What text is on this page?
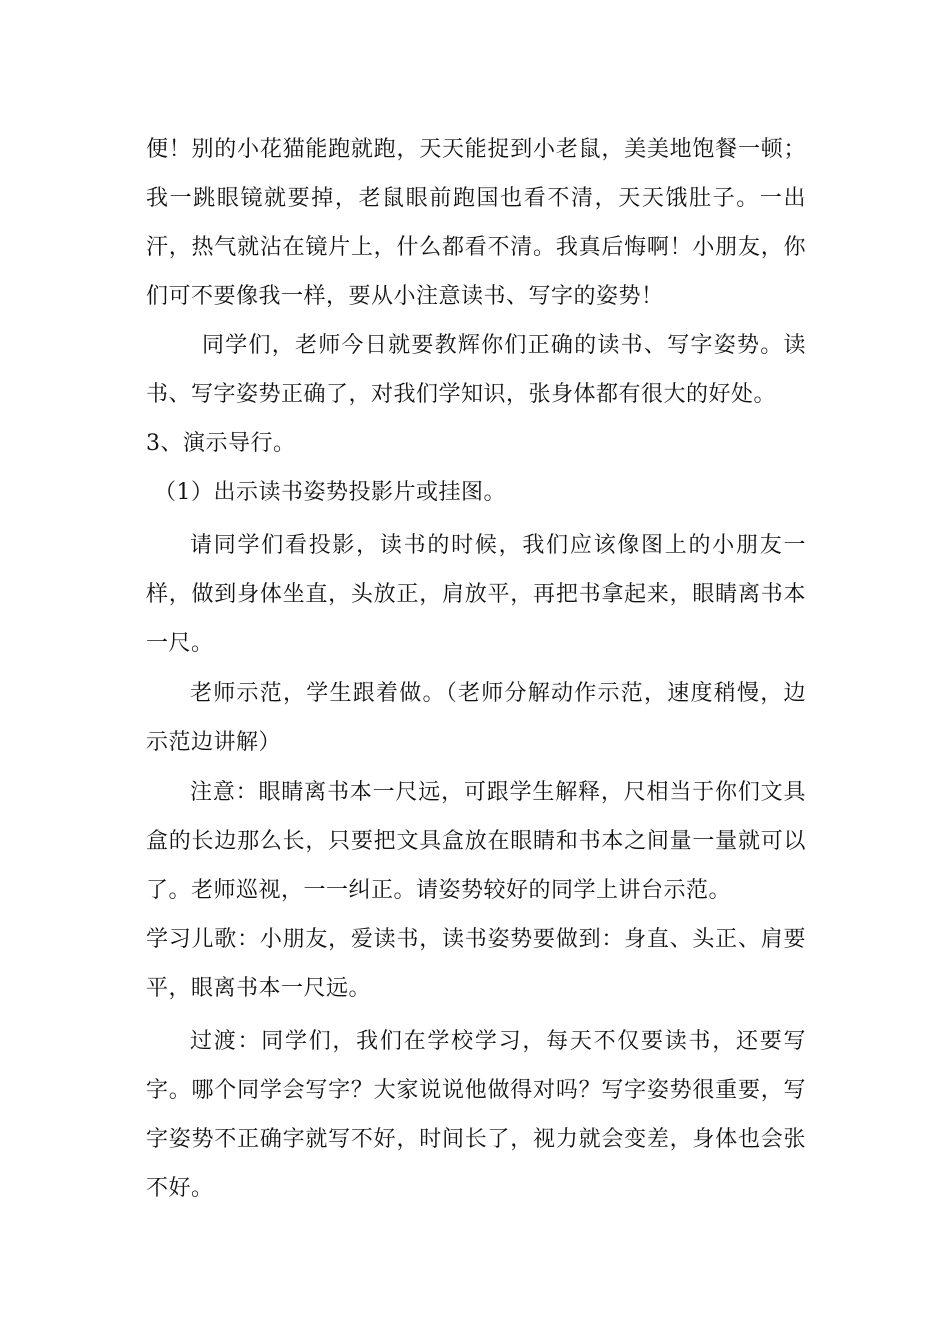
便！别的小花猫能跑就跑，天天能捉到小老鼠，美美地饱餐一顿；我一跳眼镜就要掉，老鼠眼前跑国也看不清，天天饿肚子。一出汗，热气就沾在镜片上，什么都看不清。我真后悔啊！小朋友，你们可不要像我一样，要从小注意读书、写字的姿势！

同学们，老师今日就要教辉你们正确的读书、写字姿势。读书、写字姿势正确了，对我们学知识，张身体都有很大的好处。

3、演示导行。

（1）出示读书姿势投影片或挂图。

请同学们看投影，读书的时候，我们应该像图上的小朋友一样，做到身体坐直，头放正，肩放平，再把书拿起来，眼睛离书本一尺。

老师示范，学生跟着做。（老师分解动作示范，速度稍慢，边示范边讲解）

注意：眼睛离书本一尺远，可跟学生解释，尺相当于你们文具盒的长边那么长，只要把文具盒放在眼睛和书本之间量一量就可以了。老师巡视，一一纠正。请姿势较好的同学上讲台示范。

学习儿歌：小朋友，爱读书，读书姿势要做到：身直、头正、肩要平，眼离书本一尺远。

过渡：同学们，我们在学校学习，每天不仅要读书，还要写字。哪个同学会写字？大家说说他做得对吗？写字姿势很重要，写字姿势不正确字就写不好，时间长了，视力就会变差，身体也会张不好。
